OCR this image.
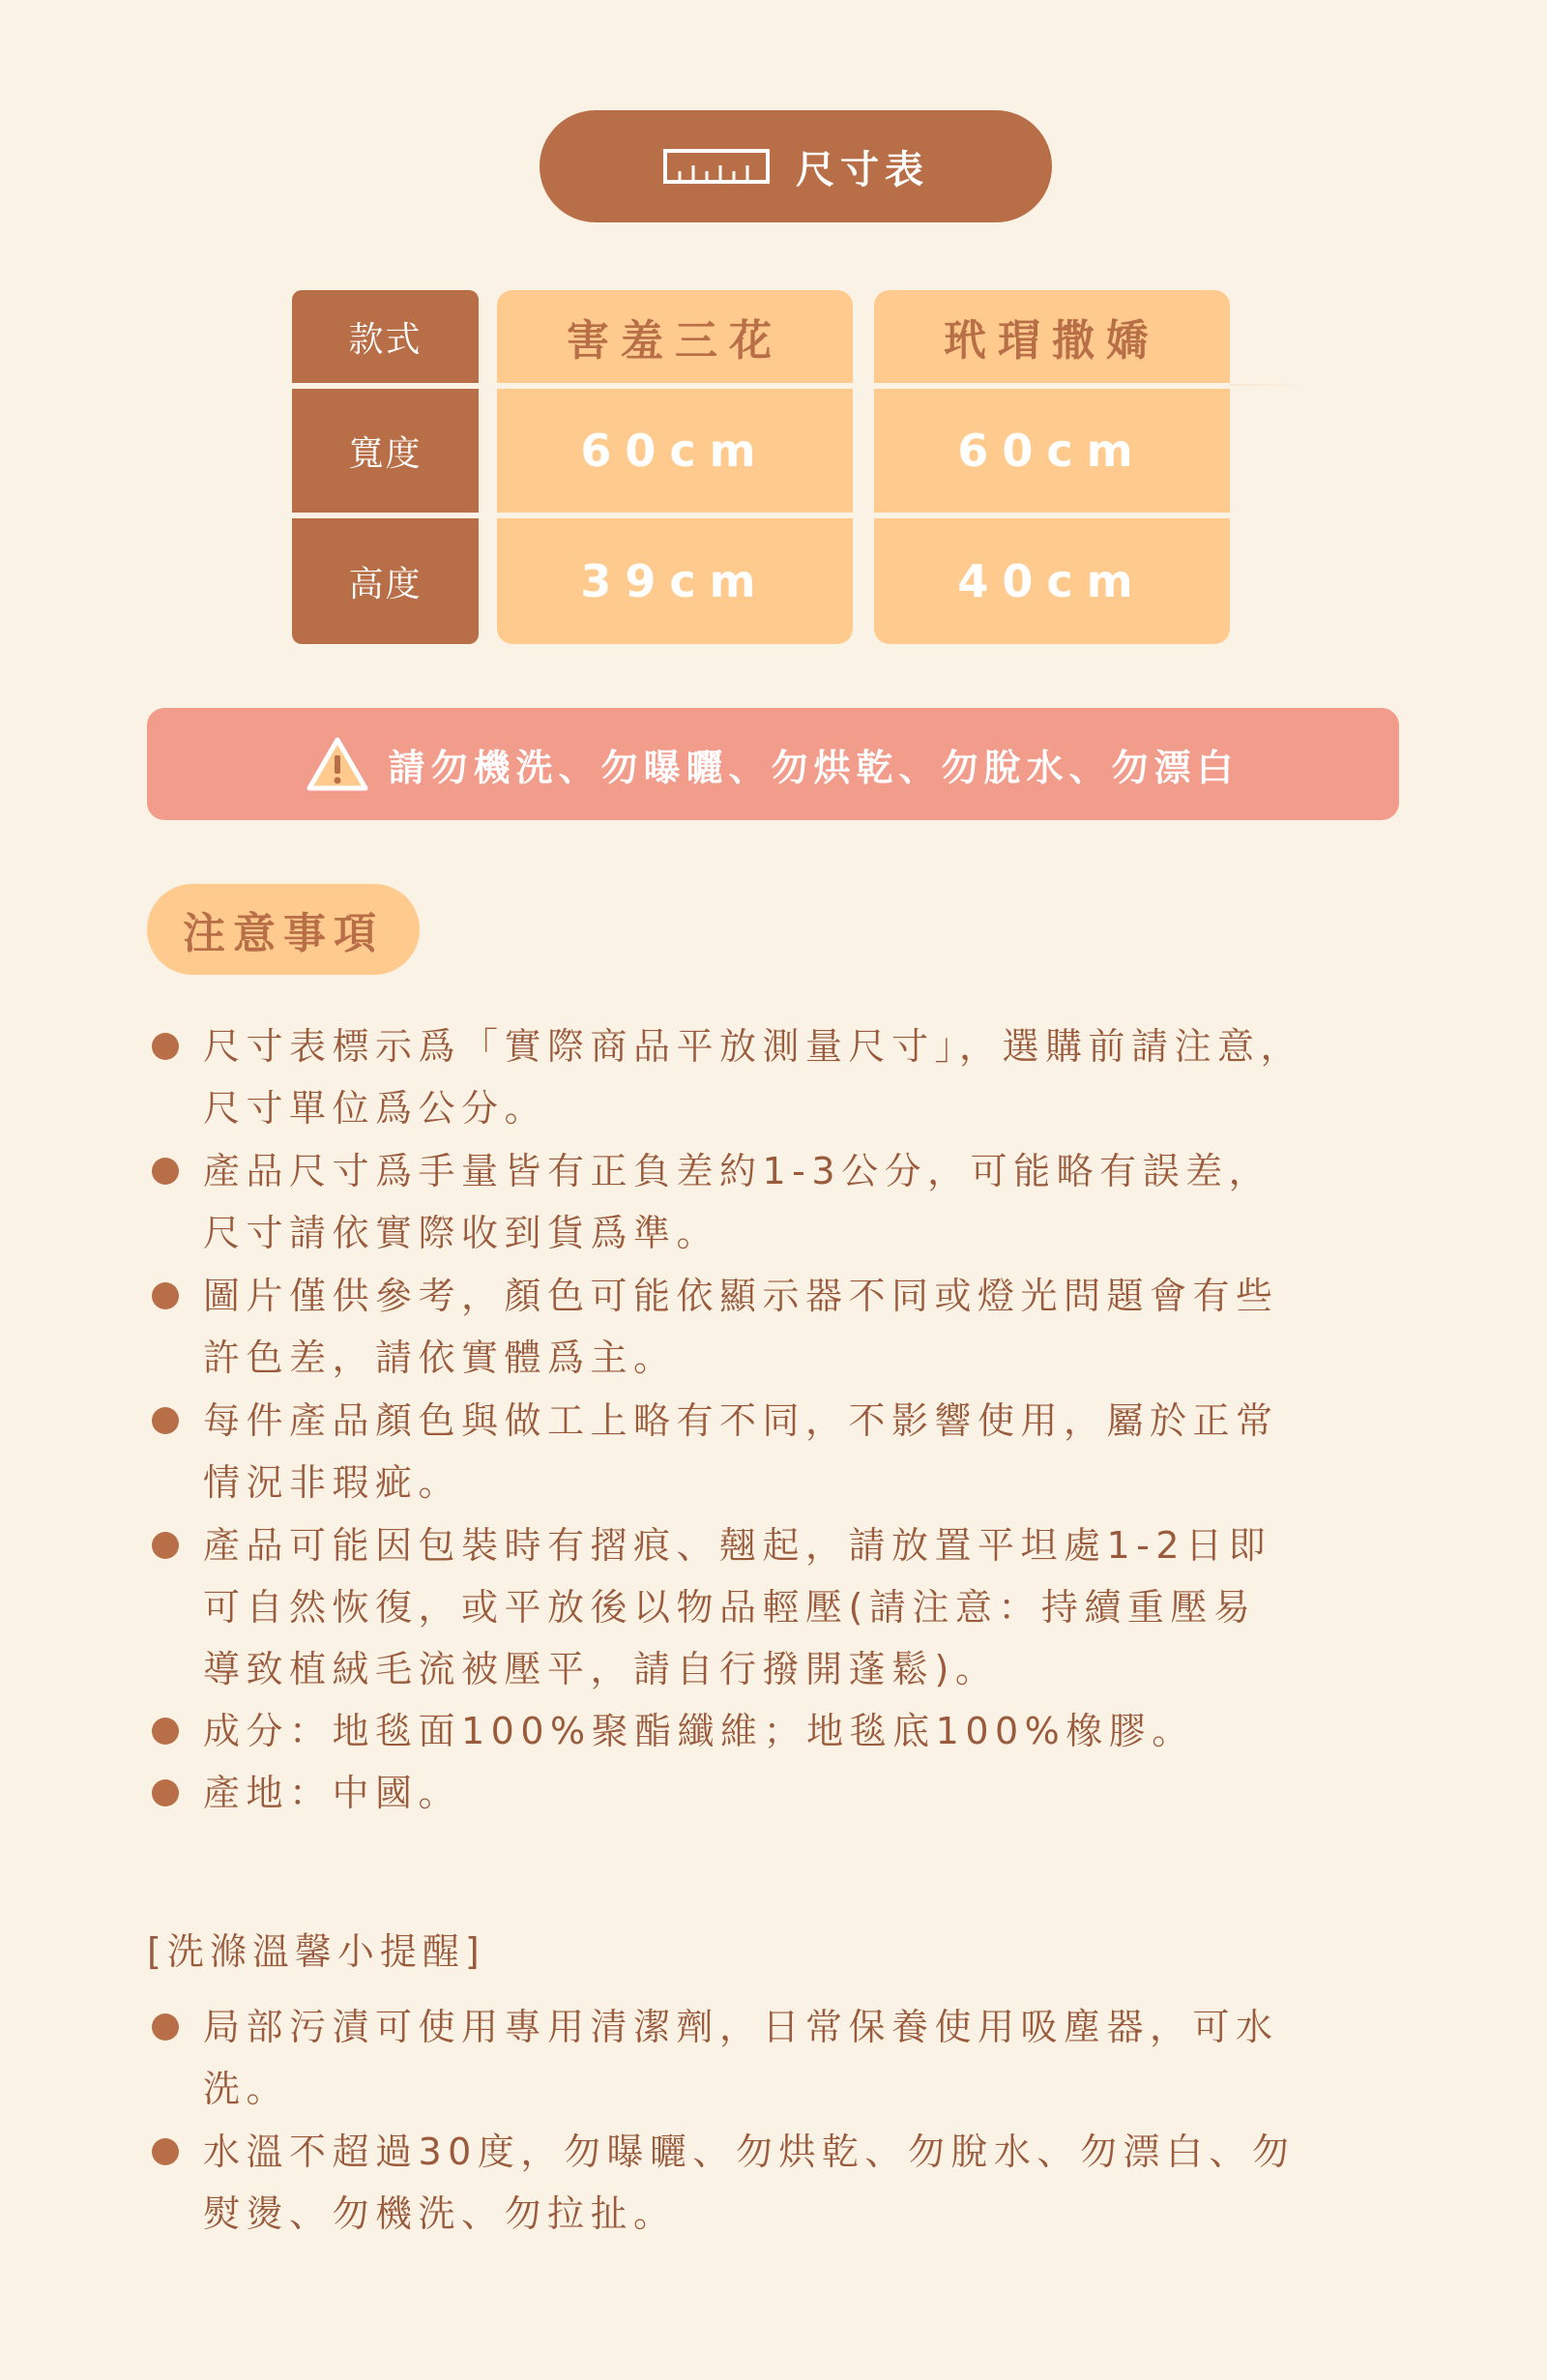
尺寸表
款式
寬度
高度
害羞三花
60cm
39cm
玳瑁撒嬌
60cm
40cm
請勿機洗、勿曝曬、勿烘乾、勿脫水、勿漂白
注意事項
尺寸表標示爲「實際商品平放測量尺寸」，選購前請注意，
尺寸單位爲公分。
產品尺寸爲手量皆有正負差約1-3公分，可能略有誤差，
尺寸請依實際收到貨爲準。
圖片僅供參考，顏色可能依顯示器不同或燈光問題會有些
許色差，請依實體爲主。
每件產品顏色與做工上略有不同，不影響使用，屬於正常
情況非瑕疵。
產品可能因包裝時有摺痕、翹起，請放置平坦處1-2日即
可自然恢復，或平放後以物品輕壓(請注意：持續重壓易
導致植絨毛流被壓平，請自行撥開蓬鬆)。
成分：地毯面100%聚酯纖維；地毯底100%橡膠。
產地：中國。
[洗滌溫馨小提醒]
局部污漬可使用專用清潔劑，日常保養使用吸塵器，可水
洗。
水溫不超過30度，勿曝曬、勿烘乾、勿脫水、勿漂白、勿
熨燙、勿機洗、勿拉扯。
